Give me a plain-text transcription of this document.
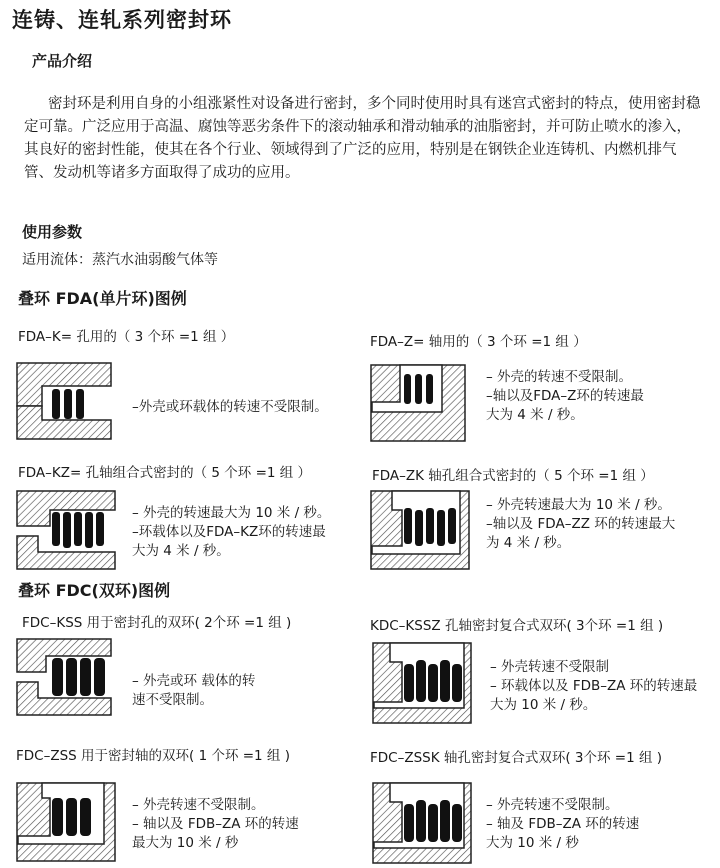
连铸、连轧系列密封环
产品介绍
密封环是利用自身的小组涨紧性对设备进行密封，多个同时使用时具有迷宫式密封的特点，使用密封稳定可靠。广泛应用于高温、腐蚀等恶劣条件下的滚动轴承和滑动轴承的油脂密封，并可防止喷水的渗入，其良好的密封性能，使其在各个行业、领域得到了广泛的应用，特别是在钢铁企业连铸机、内燃机排气管、发动机等诸多方面取得了成功的应用。
使用参数
适用流体：蒸汽水油弱酸气体等
叠环 FDA(单片环)图例
FDA–K= 孔用的（ 3 个环 =1 组 ）
–外壳或环载体的转速不受限制。
FDA–Z= 轴用的（ 3 个环 =1 组 ）
– 外壳的转速不受限制。
–轴以及FDA–Z环的转速最
大为 4 米 / 秒。
FDA–KZ= 孔轴组合式密封的（ 5 个环 =1 组 ）
– 外壳的转速最大为 10 米 / 秒。
–环载体以及FDA–KZ环的转速最
大为 4 米 / 秒。
FDA–ZK 轴孔组合式密封的（ 5 个环 =1 组 ）
– 外壳转速最大为 10 米 / 秒。
–轴以及 FDA–ZZ 环的转速最大
为 4 米 / 秒。
叠环 FDC(双环)图例
FDC–KSS 用于密封孔的双环( 2个环 =1 组 )
– 外壳或环 载体的转
速不受限制。
KDC–KSSZ 孔轴密封复合式双环( 3个环 =1 组 )
– 外壳转速不受限制
– 环载体以及 FDB–ZA 环的转速最
大为 10 米 / 秒。
FDC–ZSS 用于密封轴的双环( 1 个环 =1 组 )
– 外壳转速不受限制。
– 轴以及 FDB–ZA 环的转速
最大为 10 米 / 秒
FDC–ZSSK 轴孔密封复合式双环( 3个环 =1 组 )
– 外壳转速不受限制。
– 轴及 FDB–ZA 环的转速
大为 10 米 / 秒
